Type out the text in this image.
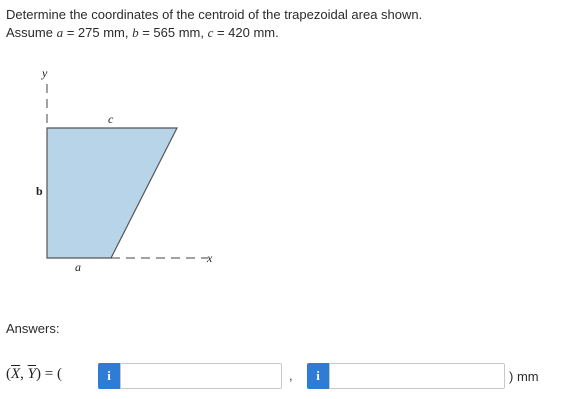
Determine the coordinates of the centroid of the trapezoidal area shown.
Assume a = 275 mm, b = 565 mm, c = 420 mm.
y
c
b
a
x
Answers:
($\overline{X}$, $\overline{Y}$) = (	i	,	i	) mm
